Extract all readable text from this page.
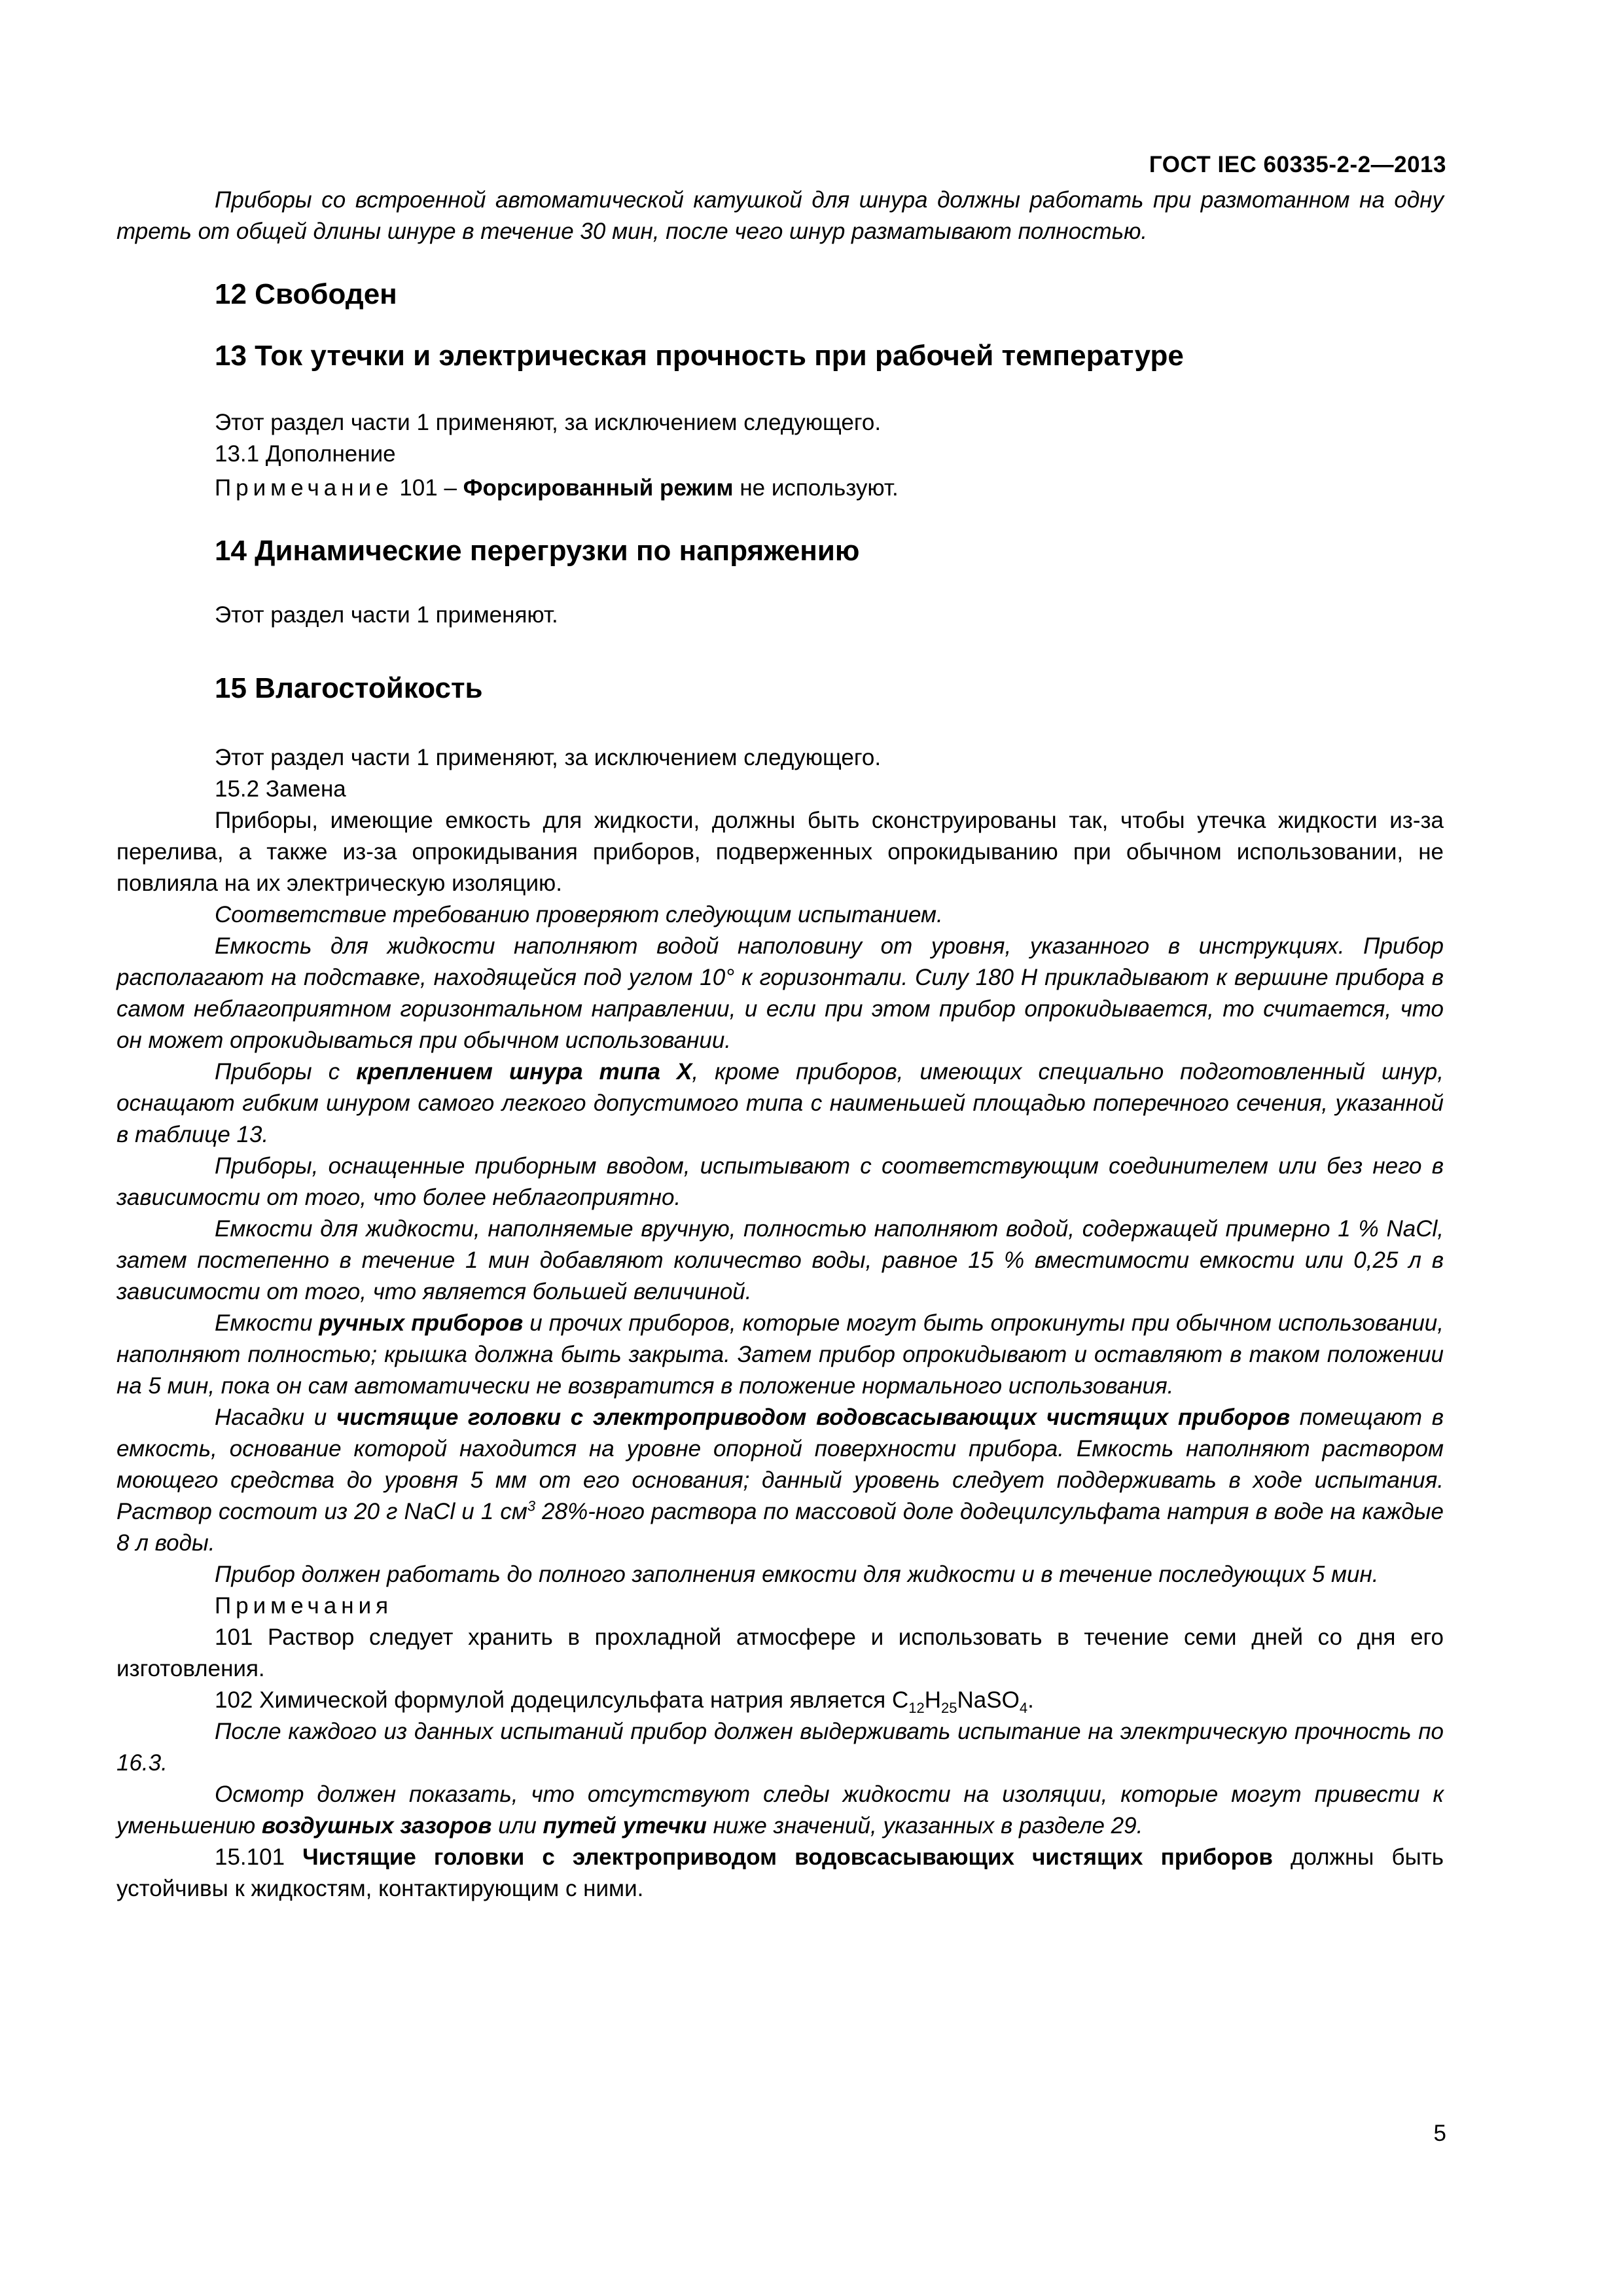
ГОСТ IEC 60335-2-2—2013

Приборы со встроенной автоматической катушкой для шнура должны работать при размотанном на одну треть от общей длины шнуре в течение 30 мин, после чего шнур разматывают полностью.

12 Свободен
13 Ток утечки и электрическая прочность при рабочей температуре

Этот раздел части 1 применяют, за исключением следующего.

13.1 Дополнение

Примечание 101 – Форсированный режим не используют.

14 Динамические перегрузки по напряжению

Этот раздел части 1 применяют.

15 Влагостойкость

Этот раздел части 1 применяют, за исключением следующего.

15.2 Замена

Приборы, имеющие емкость для жидкости, должны быть сконструированы так, чтобы утечка жидкости из-за перелива, а также из-за опрокидывания приборов, подверженных опрокидыванию при обычном использовании, не повлияла на их электрическую изоляцию.

Соответствие требованию проверяют следующим испытанием.

Емкость для жидкости наполняют водой наполовину от уровня, указанного в инструкциях. Прибор располагают на подставке, находящейся под углом 10° к горизонтали. Силу 180 Н прикладывают к вершине прибора в самом неблагоприятном горизонтальном направлении, и если при этом прибор опрокидывается, то считается, что он может опрокидываться при обычном использовании.

Приборы с креплением шнура типа X, кроме приборов, имеющих специально подготовленный шнур, оснащают гибким шнуром самого легкого допустимого типа с наименьшей площадью поперечного сечения, указанной в таблице 13.

Приборы, оснащенные приборным вводом, испытывают с соответствующим соединителем или без него в зависимости от того, что более неблагоприятно.

Емкости для жидкости, наполняемые вручную, полностью наполняют водой, содержащей примерно 1 % NaCl, затем постепенно в течение 1 мин добавляют количество воды, равное 15 % вместимости емкости или 0,25 л в зависимости от того, что является большей величиной.

Емкости ручных приборов и прочих приборов, которые могут быть опрокинуты при обычном использовании, наполняют полностью; крышка должна быть закрыта. Затем прибор опрокидывают и оставляют в таком положении на 5 мин, пока он сам автоматически не возвратится в положение нормального использования.

Насадки и чистящие головки с электроприводом водовсасывающих чистящих приборов помещают в емкость, основание которой находится на уровне опорной поверхности прибора. Емкость наполняют раствором моющего средства до уровня 5 мм от его основания; данный уровень следует поддерживать в ходе испытания. Раствор состоит из 20 г NaCl и 1 $см^3$ 28%-ного раствора по массовой доле додецилсульфата натрия в воде на каждые 8 л воды.

Прибор должен работать до полного заполнения емкости для жидкости и в течение последующих 5 мин.

Примечания

101 Раствор следует хранить в прохладной атмосфере и использовать в течение семи дней со дня его изготовления.

102 Химической формулой додецилсульфата натрия является $C_{12}H_{25}NaSO_4$.

После каждого из данных испытаний прибор должен выдерживать испытание на электрическую прочность по 16.3.

Осмотр должен показать, что отсутствуют следы жидкости на изоляции, которые могут привести к уменьшению воздушных зазоров или путей утечки ниже значений, указанных в разделе 29.

15.101 Чистящие головки с электроприводом водовсасывающих чистящих приборов должны быть устойчивы к жидкостям, контактирующим с ними.

5
